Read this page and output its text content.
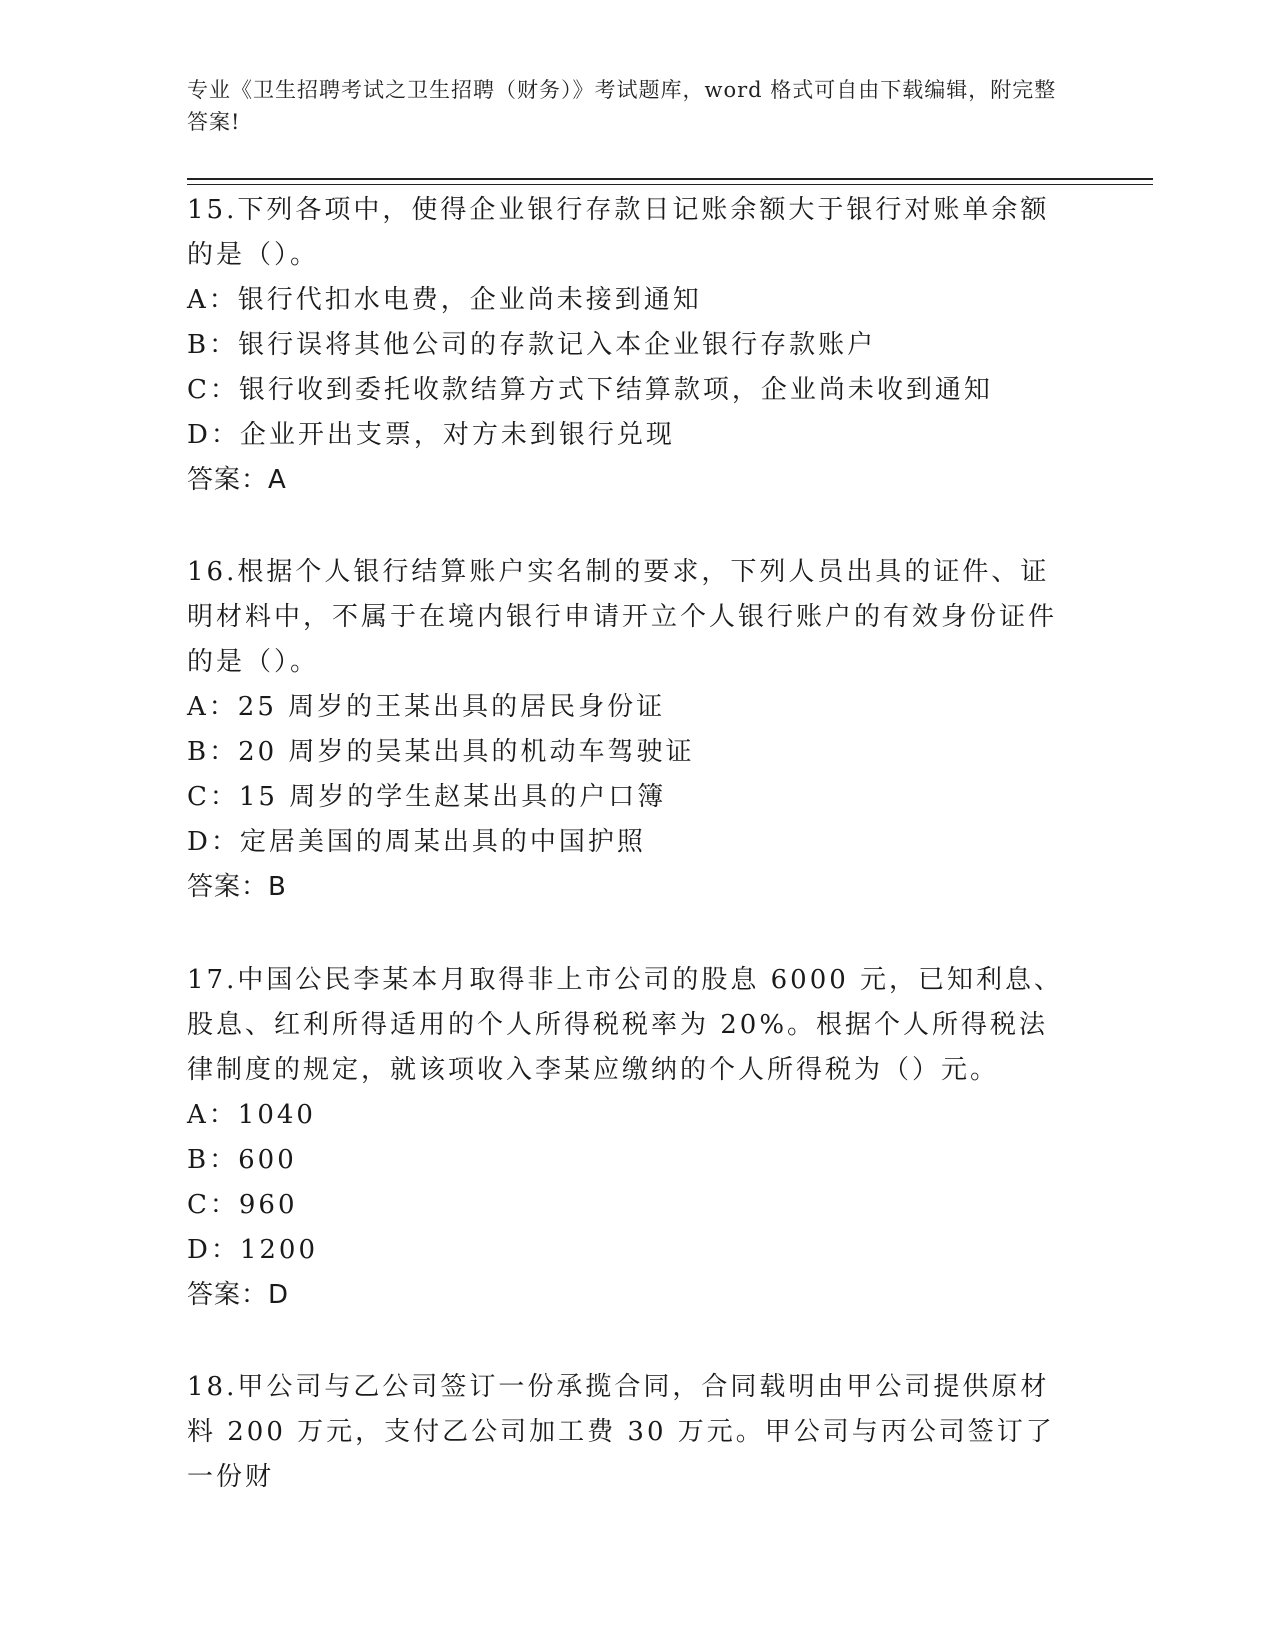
专业《卫生招聘考试之卫生招聘（财务）》考试题库，word 格式可自由下载编辑，附完整答案!

15.下列各项中，使得企业银行存款日记账余额大于银行对账单余额的是（）。

A：银行代扣水电费，企业尚未接到通知

B：银行误将其他公司的存款记入本企业银行存款账户

C：银行收到委托收款结算方式下结算款项，企业尚未收到通知

D：企业开出支票，对方未到银行兑现

答案：A

16.根据个人银行结算账户实名制的要求，下列人员出具的证件、证明材料中，不属于在境内银行申请开立个人银行账户的有效身份证件的是（）。

A：25 周岁的王某出具的居民身份证

B：20 周岁的吴某出具的机动车驾驶证

C：15 周岁的学生赵某出具的户口簿

D：定居美国的周某出具的中国护照

答案：B

17.中国公民李某本月取得非上市公司的股息 6000 元，已知利息、股息、红利所得适用的个人所得税税率为 20%。根据个人所得税法律制度的规定，就该项收入李某应缴纳的个人所得税为（）元。

A：1040

B：600

C：960

D：1200

答案：D

18.甲公司与乙公司签订一份承揽合同，合同载明由甲公司提供原材料 200 万元，支付乙公司加工费 30 万元。甲公司与丙公司签订了一份财
